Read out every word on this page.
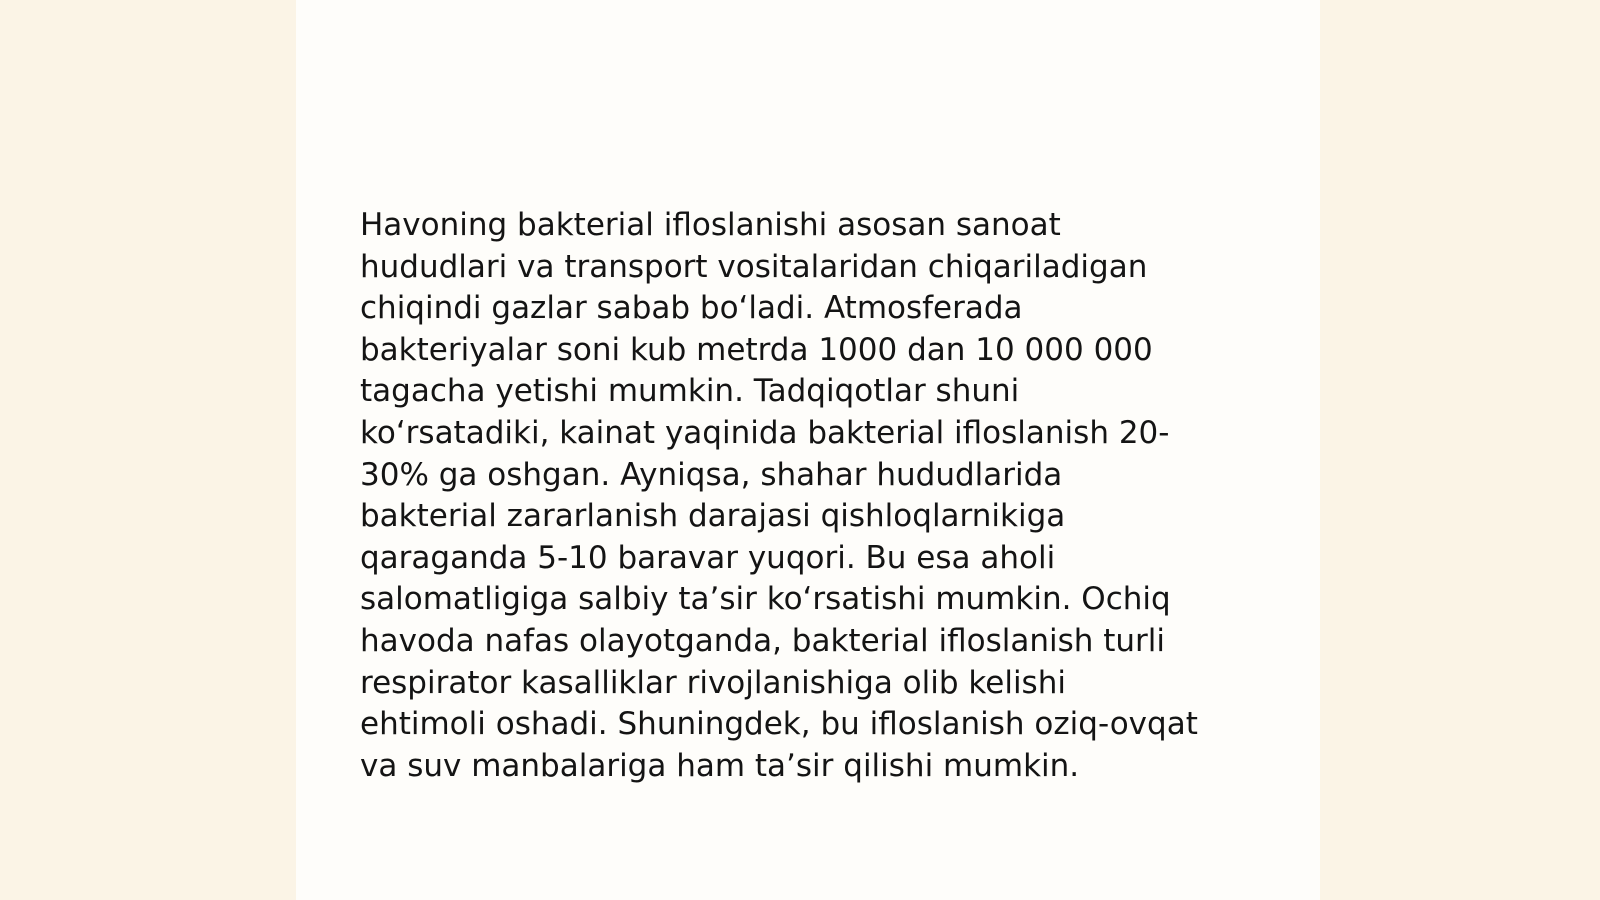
Havoning bakterial ifloslanishi asosan sanoat
hududlari va transport vositalaridan chiqariladigan
chiqindi gazlar sabab bo‘ladi. Atmosferada
bakteriyalar soni kub metrda 1000 dan 10 000 000
tagacha yetishi mumkin. Tadqiqotlar shuni
ko‘rsatadiki, kainat yaqinida bakterial ifloslanish 20-
30% ga oshgan. Ayniqsa, shahar hududlarida
bakterial zararlanish darajasi qishloqlarnikiga
qaraganda 5-10 baravar yuqori. Bu esa aholi
salomatligiga salbiy ta’sir ko‘rsatishi mumkin. Ochiq
havoda nafas olayotganda, bakterial ifloslanish turli
respirator kasalliklar rivojlanishiga olib kelishi
ehtimoli oshadi. Shuningdek, bu ifloslanish oziq-ovqat
va suv manbalariga ham ta’sir qilishi mumkin.
